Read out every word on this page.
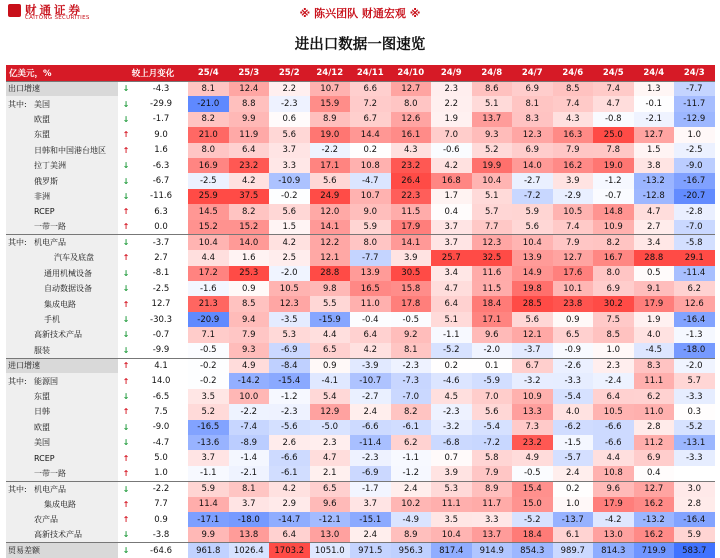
财通证券
CAITONG SECURITIES	※ 陈兴团队 财通宏观 ※
进出口数据一图速览
亿美元，%	较上月变化		25/4	25/3	25/2	24/12	24/11	24/10	24/9	24/8	24/7	24/6	24/5	24/4	24/3
出口增速	↓	-4.3	8.1	12.4	2.2	10.7	6.6	12.7	2.3	8.6	6.9	8.5	7.4	1.3	-7.7
其中: 美国	↓	-29.9	-21.0	8.8	-2.3	15.9	7.2	8.0	2.2	5.1	8.1	7.4	4.7	-0.1	-11.7
欧盟	↓	-1.7	8.2	9.9	0.6	8.9	6.7	12.6	1.9	13.7	8.3	4.3	-0.8	-2.1	-12.9
东盟	↑	9.0	21.0	11.9	5.6	19.0	14.4	16.1	7.0	9.3	12.3	16.3	25.0	12.7	1.0
日韩和中国港台地区	↑	1.6	8.0	6.4	3.7	-2.2	0.2	4.3	-0.6	5.2	6.9	7.9	7.8	1.5	-2.5
拉丁美洲	↓	-6.3	16.9	23.2	3.3	17.1	10.8	23.2	4.2	19.9	14.0	16.2	19.0	3.8	-9.0
俄罗斯	↓	-6.7	-2.5	4.2	-10.9	5.6	-4.7	26.4	16.8	10.4	-2.7	3.9	-1.2	-13.2	-16.7
非洲	↓	-11.6	25.9	37.5	-0.2	24.9	10.7	22.3	1.7	5.1	-7.2	-2.9	-0.7	-12.8	-20.7
RCEP	↑	6.3	14.5	8.2	5.6	12.0	9.0	11.5	0.4	5.7	5.9	10.5	14.8	4.7	-2.8
一带一路	↑	0.0	15.2	15.2	1.5	14.1	5.9	17.9	3.7	7.7	5.6	7.4	10.9	2.7	-7.0
其中: 机电产品	↓	-3.7	10.4	14.0	4.2	12.2	8.0	14.1	3.7	12.3	10.4	7.9	8.2	3.4	-5.8
汽车及底盘	↑	2.7	4.4	1.6	2.5	12.1	-7.7	3.9	25.7	32.5	13.9	12.7	16.7	28.8	29.1
通用机械设备	↓	-8.1	17.2	25.3	-2.0	28.8	13.9	30.5	3.4	11.6	14.9	17.6	8.0	0.5	-11.4
自动数据设备	↓	-2.5	-1.6	0.9	10.5	9.8	16.5	15.8	4.7	11.5	19.8	10.1	6.9	9.1	6.2
集成电路	↑	12.7	21.3	8.5	12.3	5.5	11.0	17.8	6.4	18.4	28.5	23.8	30.2	17.9	12.6
手机	↓	-30.3	-20.9	9.4	-3.5	-15.9	-0.4	-0.5	5.1	17.1	5.6	0.9	7.5	1.9	-16.4
高新技术产品	↓	-0.7	7.1	7.9	5.3	4.4	6.4	9.2	-1.1	9.6	12.1	6.5	8.5	4.0	-1.3
服装	↓	-9.9	-0.5	9.3	-6.9	6.5	4.2	8.1	-5.2	-2.0	-3.7	-0.9	1.0	-4.5	-18.0
进口增速	↑	4.1	-0.2	4.9	-8.4	0.9	-3.9	-2.3	0.2	0.1	6.7	-2.6	2.3	8.3	-2.0
其中: 能源国	↑	14.0	-0.2	-14.2	-15.4	-4.1	-10.7	-7.3	-4.6	-5.9	-3.2	-3.3	-2.4	11.1	5.7
东盟	↓	-6.5	3.5	10.0	-1.2	5.4	-2.7	-7.0	4.5	7.0	10.9	-5.4	6.4	6.2	-3.3
日韩	↑	7.5	5.2	-2.2	-2.3	12.9	2.4	8.2	-2.3	5.6	13.3	4.0	10.5	11.0	0.3
欧盟	↓	-9.0	-16.5	-7.4	-5.6	-5.0	-6.6	-6.1	-3.2	-5.4	7.3	-6.2	-6.6	2.8	-5.2
美国	↓	-4.7	-13.6	-8.9	2.6	2.3	-11.4	6.2	-6.8	-7.2	23.2	-1.5	-6.6	11.2	-13.1
RCEP	↑	5.0	3.7	-1.4	-6.6	4.7	-2.3	-1.1	0.7	5.8	4.9	-5.7	4.4	6.9	-3.3
一带一路	↑	1.0	-1.1	-2.1	-6.1	2.1	-6.9	-1.2	3.9	7.9	-0.5	2.4	10.8	0.4	
其中: 机电产品	↓	-2.2	5.9	8.1	4.2	6.5	-1.7	2.4	5.3	8.9	15.4	0.2	9.6	12.7	3.0
集成电路	↑	7.7	11.4	3.7	2.9	9.6	3.7	10.2	11.1	11.7	15.0	1.0	17.9	16.2	2.8
农产品	↑	0.9	-17.1	-18.0	-14.7	-12.1	-15.1	-4.9	3.5	3.3	-5.2	-13.7	-4.2	-13.2	-16.4
高新技术产品	↓	-3.8	9.9	13.8	6.4	13.0	2.4	8.9	10.4	13.7	18.4	6.1	13.0	16.2	5.9
贸易差额	↓	-64.6	961.8	1026.4	1703.2	1051.0	971.5	956.3	817.4	914.9	854.3	989.7	814.3	719.9	583.7
